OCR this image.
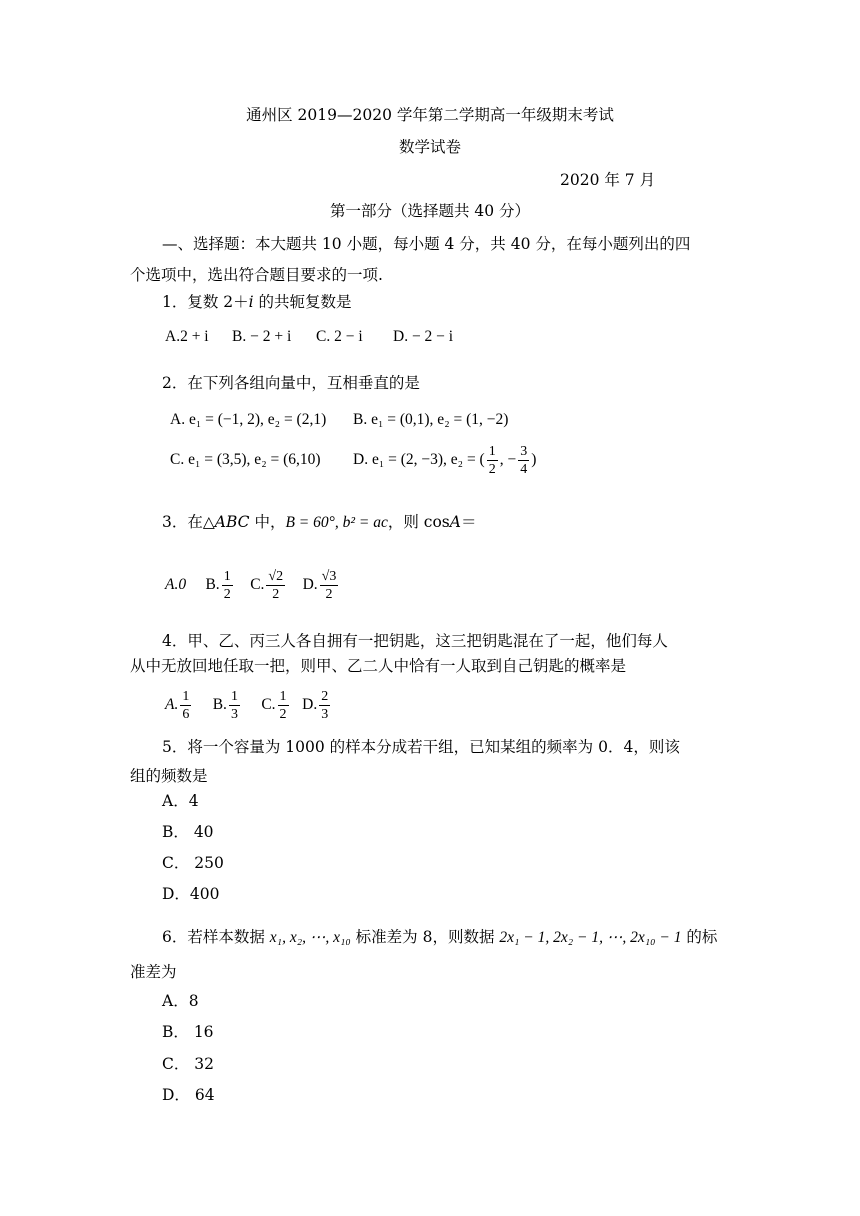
通州区 2019—2020 学年第二学期高一年级期末考试
数学试卷
2020 年 7 月
第一部分（选择题共 40 分）
—、选择题：本大题共 10 小题，每小题 4 分，共 40 分，在每小题列出的四
个选项中，选出符合题目要求的一项.
1．复数 2＋i 的共轭复数是
A.2 + i B. − 2 + i C. 2 − i D. − 2 − i
2．在下列各组向量中，互相垂直的是
A. e₁ = (−1, 2), e₂ = (2,1) B. e₁ = (0,1), e₂ = (1, −2)
C. e₁ = (3,5), e₂ = (6,10) D. e₁ = (2, −3), e₂ = ( $\frac{1}{2}$ , − $\frac{3}{4}$ )
3．在△ABC 中，B = 60°, b² = ac，则 cosA＝
A.0 B. $\frac{1}{2} C$. $\frac{√2}{2} D$. $\frac{√3}{2}$
4．甲、乙、丙三人各自拥有一把钥匙，这三把钥匙混在了一起，他们每人
从中无放回地任取一把，则甲、乙二人中恰有一人取到自己钥匙的概率是
A. $\frac{1}{6} B$. $\frac{1}{3} C$. $\frac{1}{2} D$. $\frac{2}{3}$
5．将一个容量为 1000 的样本分成若干组，已知某组的频率为 0．4，则该
组的频数是
A．4
B． 40
C． 250
D．400
6．若样本数据 x₁, x₂, ⋯, x₁₀ 标准差为 8，则数据 2x₁ − 1, 2x₂ − 1, ⋯, 2x₁₀ − 1 的标
准差为
A．8
B． 16
C． 32
D． 64
